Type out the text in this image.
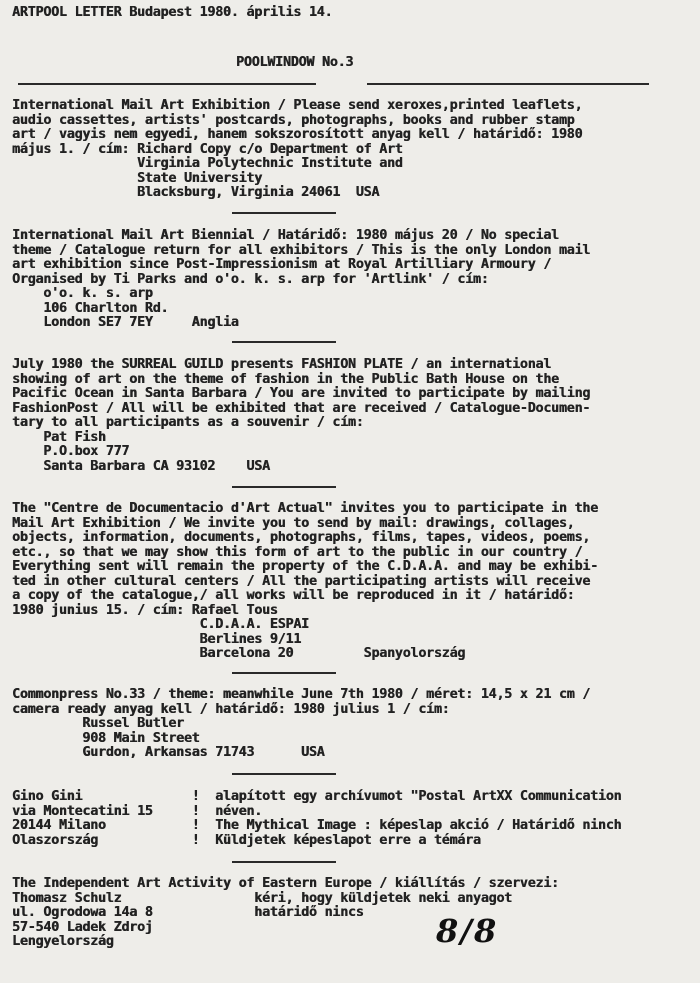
ARTPOOL LETTER Budapest 1980. április 14.
POOLWINDOW No.3
International Mail Art Exhibition / Please send xeroxes,printed leaflets,
audio cassettes, artists' postcards, photographs, books and rubber stamp
art / vagyis nem egyedi, hanem sokszorosított anyag kell / határidő: 1980
május 1. / cím: Richard Copy c/o Department of Art
Virginia Polytechnic Institute and
State University
Blacksburg, Virginia 24061  USA
International Mail Art Biennial / Határidő: 1980 május 20 / No special
theme / Catalogue return for all exhibitors / This is the only London mail
art exhibition since Post-Impressionism at Royal Artilliary Armoury /
Organised by Ti Parks and o'o. k. s. arp for 'Artlink' / cím:
o'o. k. s. arp
106 Charlton Rd.
London SE7 7EY     Anglia
July 1980 the SURREAL GUILD presents FASHION PLATE / an international
showing of art on the theme of fashion in the Public Bath House on the
Pacific Ocean in Santa Barbara / You are invited to participate by mailing
FashionPost / All will be exhibited that are received / Catalogue-Documen-
tary to all participants as a souvenir / cím:
Pat Fish
P.O.box 777
Santa Barbara CA 93102    USA
The "Centre de Documentacio d'Art Actual" invites you to participate in the
Mail Art Exhibition / We invite you to send by mail: drawings, collages,
objects, information, documents, photographs, films, tapes, videos, poems,
etc., so that we may show this form of art to the public in our country /
Everything sent will remain the property of the C.D.A.A. and may be exhibi-
ted in other cultural centers / All the participating artists will receive
a copy of the catalogue,/ all works will be reproduced in it / határidő:
1980 junius 15. / cím: Rafael Tous
C.D.A.A. ESPAI
Berlines 9/11
Barcelona 20         Spanyolország
Commonpress No.33 / theme: meanwhile June 7th 1980 / méret: 14,5 x 21 cm /
camera ready anyag kell / határidő: 1980 julius 1 / cím:
Russel Butler
908 Main Street
Gurdon, Arkansas 71743      USA
Gino Gini              !  alapított egy archívumot "Postal ArtXX Communication
via Montecatini 15     !  néven.
20144 Milano           !  The Mythical Image : képeslap akció / Határidő ninch
Olaszország            !  Küldjetek képeslapot erre a témára
The Independent Art Activity of Eastern Europe / kiállítás / szervezi:
Thomasz Schulz                 kéri, hogy küldjetek neki anyagot
ul. Ogrodowa 14a 8             határidő nincs
57-540 Ladek Zdroj
Lengyelország	8/8
